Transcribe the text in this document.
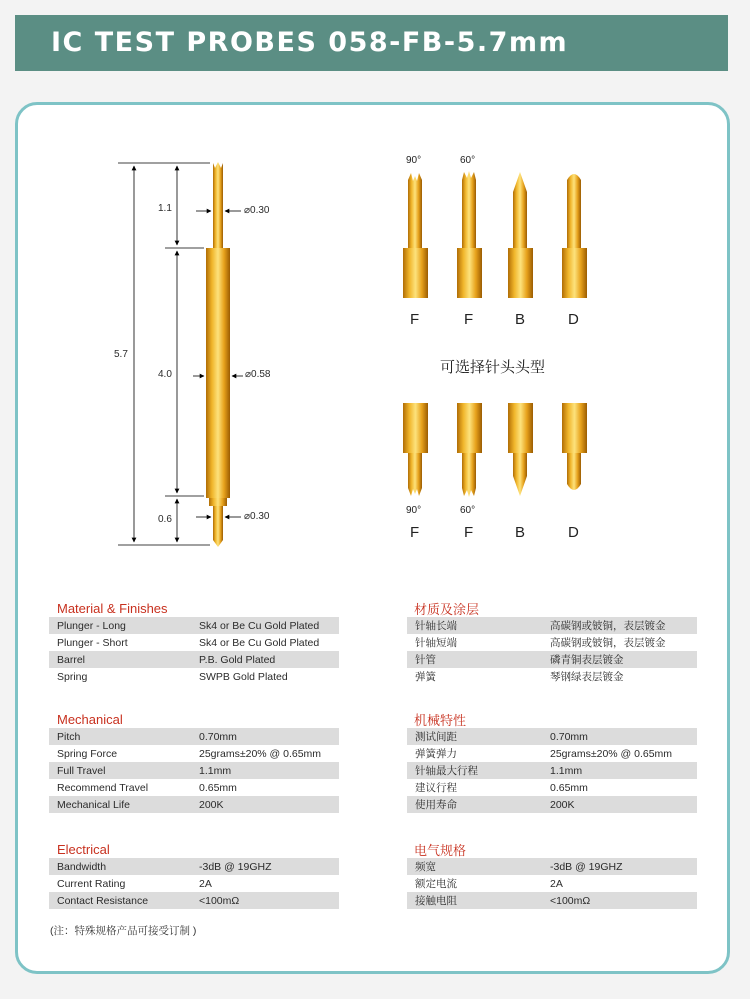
IC TEST PROBES 058-FB-5.7mm
5.7
1.1
4.0
0.6
⌀0.30
⌀0.58
⌀0.30
90°	60°
90°	60°
F	F	B	D
F	F	B	D
可选择针头头型
Material & Finishes	材质及涂层
Plunger - Long	Sk4 or Be Cu Gold Plated
Plunger - Short	Sk4 or Be Cu Gold Plated
Barrel	P.B. Gold Plated
Spring	SWPB Gold Plated
针轴长端	高碳钢或铍铜，表层镀金
针轴短端	高碳钢或铍铜，表层镀金
针管	磷青铜表层镀金
弹簧	琴钢绿表层镀金
Mechanical	机械特性
Pitch	0.70mm
Spring Force	25grams±20% @ 0.65mm
Full Travel	1.1mm
Recommend Travel	0.65mm
Mechanical Life	200K
测试间距	0.70mm
弹簧弹力	25grams±20% @ 0.65mm
针轴最大行程	1.1mm
建议行程	0.65mm
使用寿命	200K
Electrical	电气规格
Bandwidth	-3dB @ 19GHZ
Current Rating	2A
Contact Resistance	<100mΩ
频宽	-3dB @ 19GHZ
额定电流	2A
接触电阻	<100mΩ
(注：特殊规格产品可接受订制 )
